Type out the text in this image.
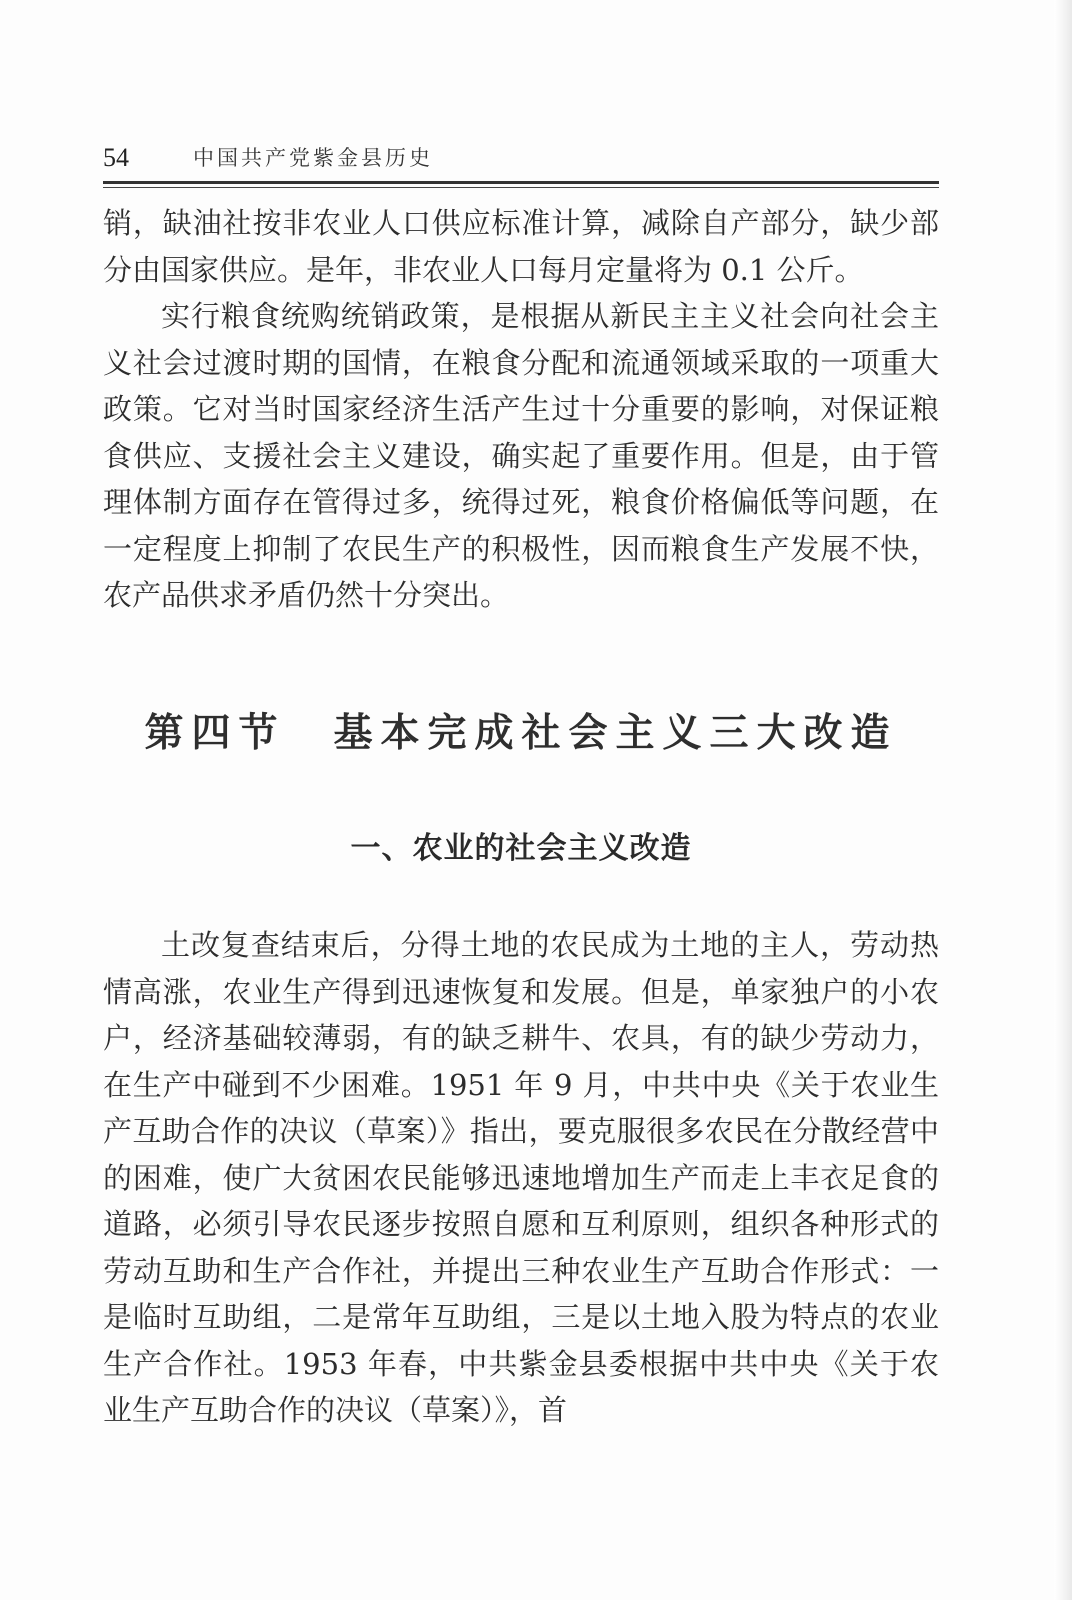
54	中国共产党紫金县历史

销，缺油社按非农业人口供应标准计算，减除自产部分，缺少部分由国家供应。是年，非农业人口每月定量将为 0.1 公斤。

实行粮食统购统销政策，是根据从新民主主义社会向社会主义社会过渡时期的国情，在粮食分配和流通领域采取的一项重大政策。它对当时国家经济生活产生过十分重要的影响，对保证粮食供应、支援社会主义建设，确实起了重要作用。但是，由于管理体制方面存在管得过多，统得过死，粮食价格偏低等问题，在一定程度上抑制了农民生产的积极性，因而粮食生产发展不快，农产品供求矛盾仍然十分突出。

第四节 基本完成社会主义三大改造
一、农业的社会主义改造

土改复查结束后，分得土地的农民成为土地的主人，劳动热情高涨，农业生产得到迅速恢复和发展。但是，单家独户的小农户，经济基础较薄弱，有的缺乏耕牛、农具，有的缺少劳动力，在生产中碰到不少困难。1951 年 9 月，中共中央《关于农业生产互助合作的决议（草案）》指出，要克服很多农民在分散经营中的困难，使广大贫困农民能够迅速地增加生产而走上丰衣足食的道路，必须引导农民逐步按照自愿和互利原则，组织各种形式的劳动互助和生产合作社，并提出三种农业生产互助合作形式：一是临时互助组，二是常年互助组，三是以土地入股为特点的农业生产合作社。1953 年春，中共紫金县委根据中共中央《关于农业生产互助合作的决议（草案）》，首
